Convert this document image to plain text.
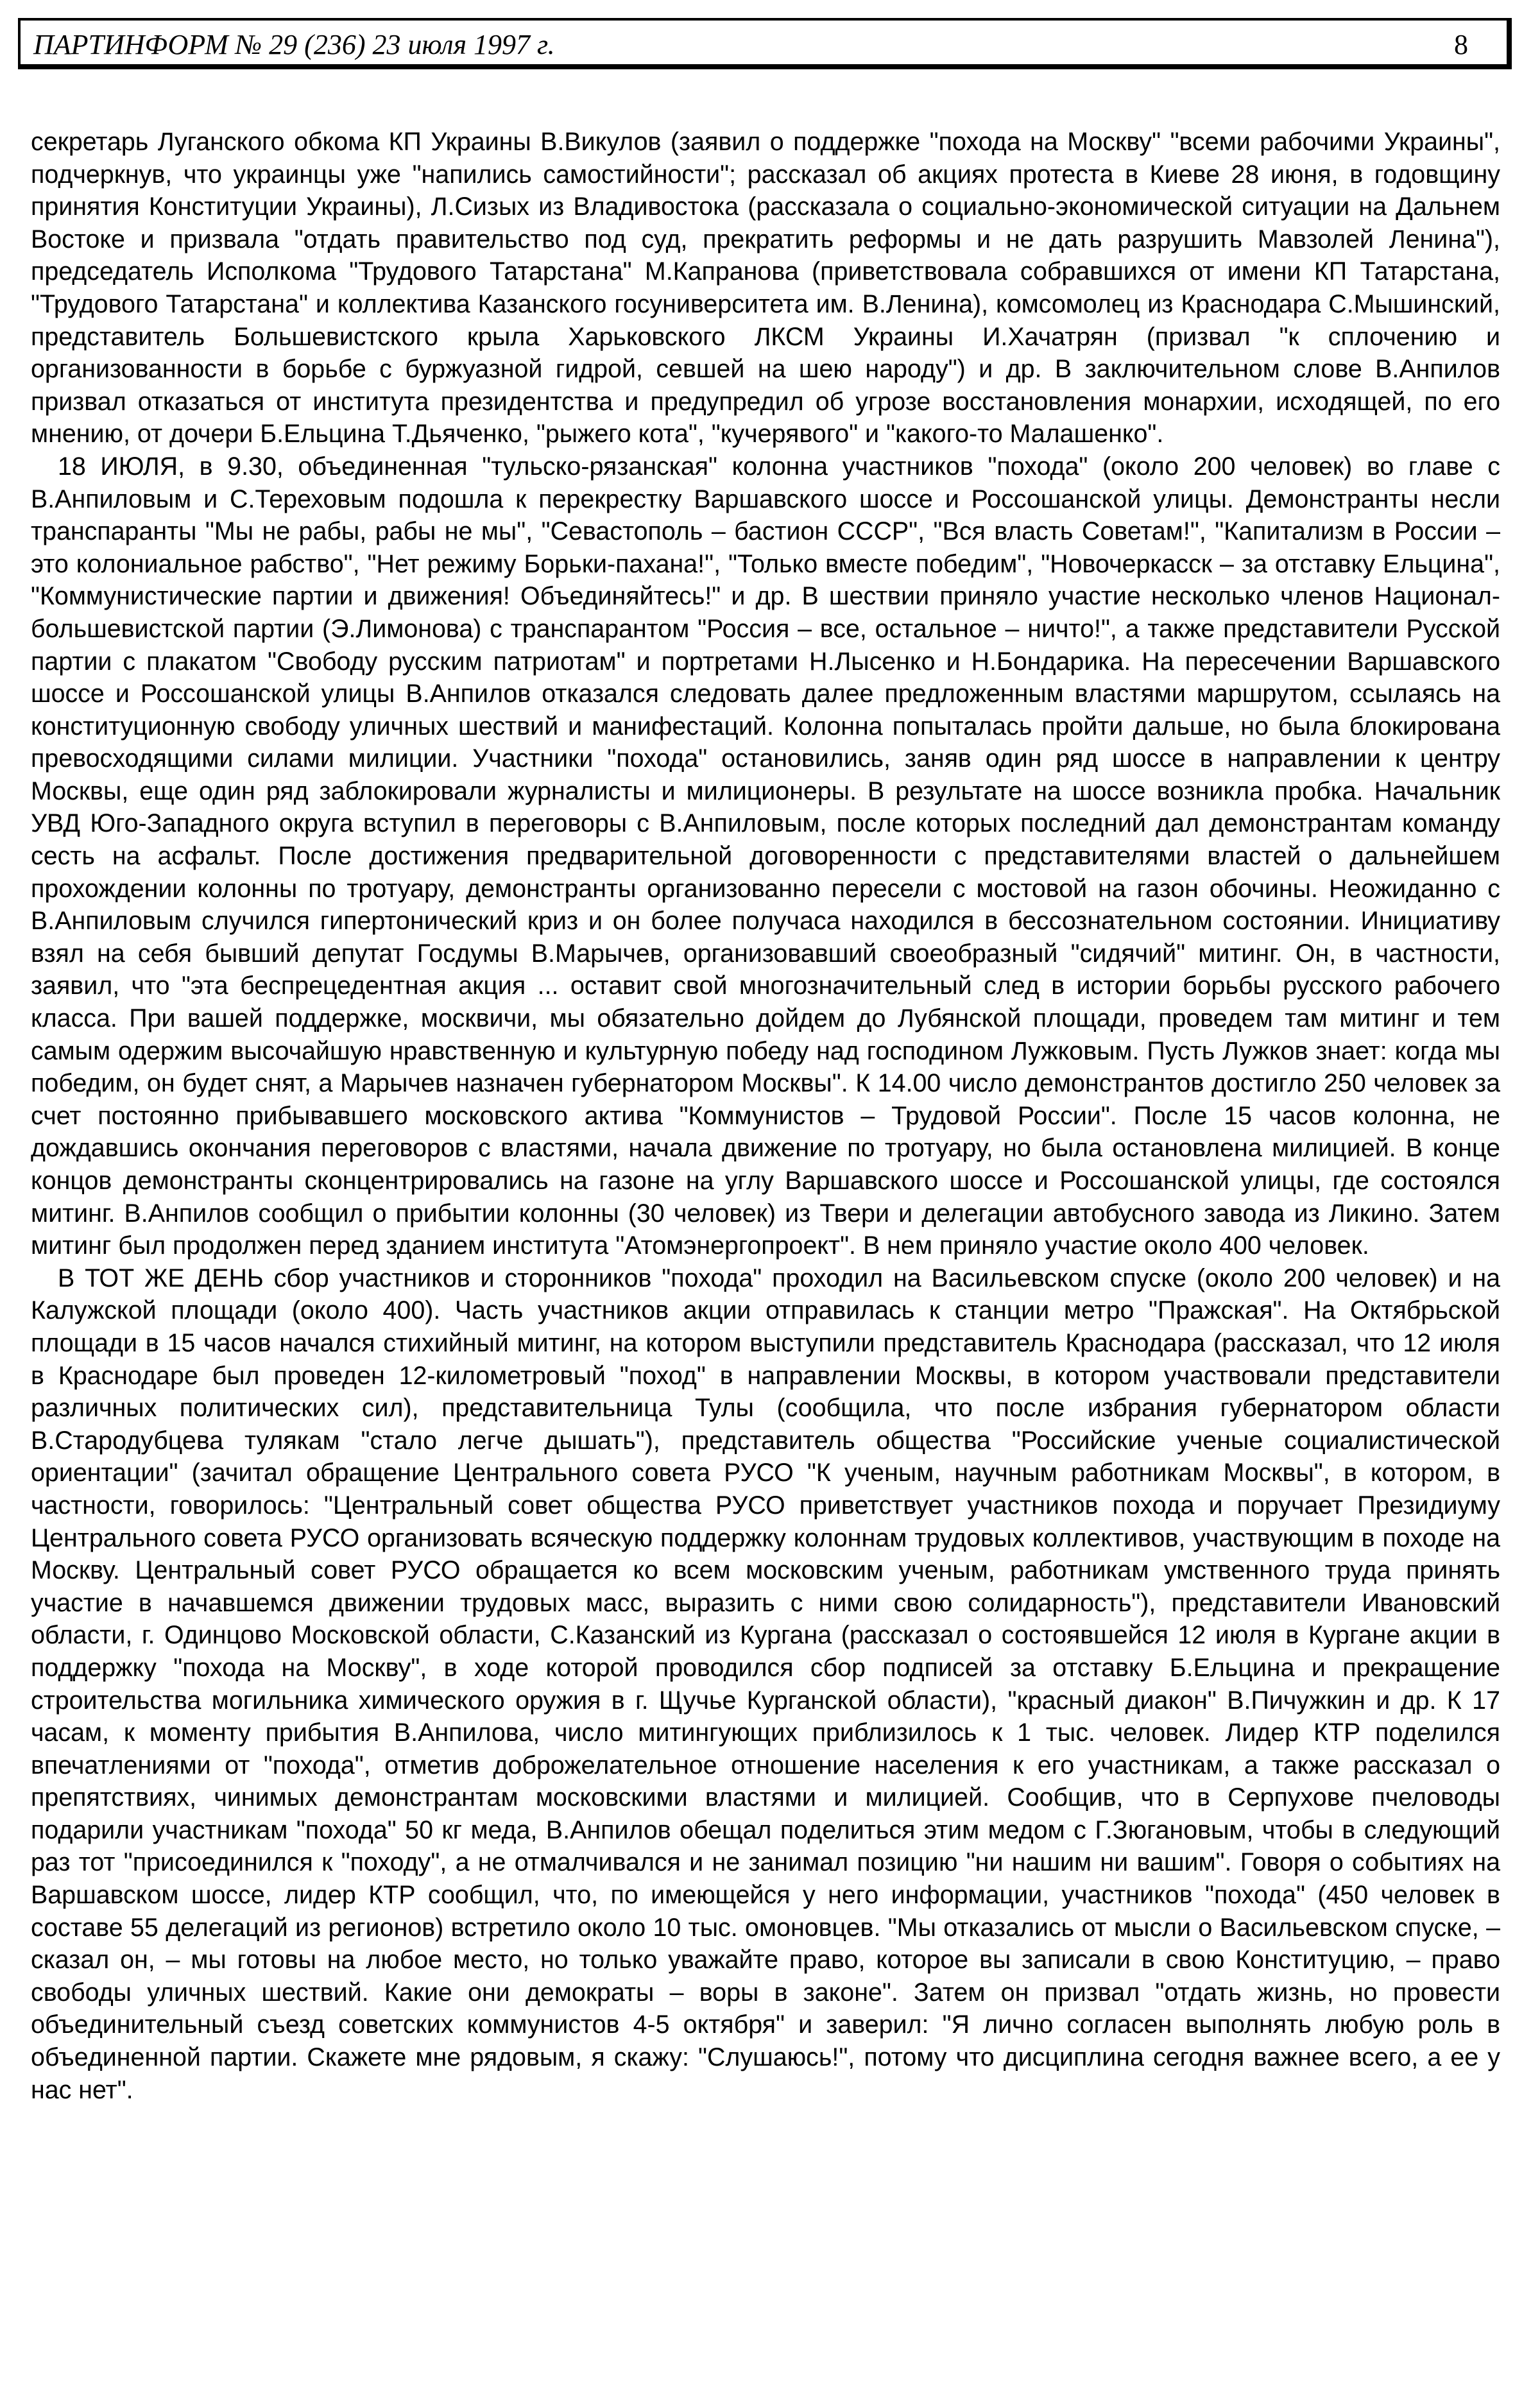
ПАРТИНФОРМ № 29 (236) 23 июля 1997 г.	8

секретарь Луганского обкома КП Украины В.Викулов (заявил о поддержке "похода на Москву" "всеми рабочими Украины", подчеркнув, что украинцы уже "напились самостийности"; рассказал об акциях протеста в Киеве 28 июня, в годовщину принятия Конституции Украины), Л.Сизых из Владивостока (рассказала о социально-экономической ситуации на Дальнем Востоке и призвала "отдать правительство под суд, прекратить реформы и не дать разрушить Мавзолей Ленина"), председатель Исполкома "Трудового Татарстана" М.Капранова (приветствовала собравшихся от имени КП Татарстана, "Трудового Татарстана" и коллектива Казанского госуниверситета им. В.Ленина), комсомолец из Краснодара С.Мышинский, представитель Большевистского крыла Харьковского ЛКСМ Украины И.Хачатрян (призвал "к сплочению и организованности в борьбе с буржуазной гидрой, севшей на шею народу") и др. В заключительном слове В.Анпилов призвал отказаться от института президентства и предупредил об угрозе восстановления монархии, исходящей, по его мнению, от дочери Б.Ельцина Т.Дьяченко, "рыжего кота", "кучерявого" и "какого-то Малашенко".

18 ИЮЛЯ, в 9.30, объединенная "тульско-рязанская" колонна участников "похода" (около 200 человек) во главе с В.Анпиловым и С.Тереховым подошла к перекрестку Варшавского шоссе и Россошанской улицы. Демонстранты несли транспаранты "Мы не рабы, рабы не мы", "Севастополь – бастион СССР", "Вся власть Советам!", "Капитализм в России – это колониальное рабство", "Нет режиму Борьки-пахана!", "Только вместе победим", "Новочеркасск – за отставку Ельцина", "Коммунистические партии и движения! Объединяйтесь!" и др. В шествии приняло участие несколько членов Национал-большевистской партии (Э.Лимонова) с транспарантом "Россия – все, остальное – ничто!", а также представители Русской партии с плакатом "Свободу русским патриотам" и портретами Н.Лысенко и Н.Бондарика. На пересечении Варшавского шоссе и Россошанской улицы В.Анпилов отказался следовать далее предложенным властями маршрутом, ссылаясь на конституционную свободу уличных шествий и манифестаций. Колонна попыталась пройти дальше, но была блокирована превосходящими силами милиции. Участники "похода" остановились, заняв один ряд шоссе в направлении к центру Москвы, еще один ряд заблокировали журналисты и милиционеры. В результате на шоссе возникла пробка. Начальник УВД Юго-Западного округа вступил в переговоры с В.Анпиловым, после которых последний дал демонстрантам команду сесть на асфальт. После достижения предварительной договоренности с представителями властей о дальнейшем прохождении колонны по тротуару, демонстранты организованно пересели с мостовой на газон обочины. Неожиданно с В.Анпиловым случился гипертонический криз и он более получаса находился в бессознательном состоянии. Инициативу взял на себя бывший депутат Госдумы В.Марычев, организовавший своеобразный "сидячий" митинг. Он, в частности, заявил, что "эта беспрецедентная акция ... оставит свой многозначительный след в истории борьбы русского рабочего класса. При вашей поддержке, москвичи, мы обязательно дойдем до Лубянской площади, проведем там митинг и тем самым одержим высочайшую нравственную и культурную победу над господином Лужковым. Пусть Лужков знает: когда мы победим, он будет снят, а Марычев назначен губернатором Москвы". К 14.00 число демонстрантов достигло 250 человек за счет постоянно прибывавшего московского актива "Коммунистов – Трудовой России". После 15 часов колонна, не дождавшись окончания переговоров с властями, начала движение по тротуару, но была остановлена милицией. В конце концов демонстранты сконцентрировались на газоне на углу Варшавского шоссе и Россошанской улицы, где состоялся митинг. В.Анпилов сообщил о прибытии колонны (30 человек) из Твери и делегации автобусного завода из Ликино. Затем митинг был продолжен перед зданием института "Атомэнергопроект". В нем приняло участие около 400 человек.

В ТОТ ЖЕ ДЕНЬ сбор участников и сторонников "похода" проходил на Васильевском спуске (около 200 человек) и на Калужской площади (около 400). Часть участников акции отправилась к станции метро "Пражская". На Октябрьской площади в 15 часов начался стихийный митинг, на котором выступили представитель Краснодара (рассказал, что 12 июля в Краснодаре был проведен 12-километровый "поход" в направлении Москвы, в котором участвовали представители различных политических сил), представительница Тулы (сообщила, что после избрания губернатором области В.Стародубцева тулякам "стало легче дышать"), представитель общества "Российские ученые социалистической ориентации" (зачитал обращение Центрального совета РУСО "К ученым, научным работникам Москвы", в котором, в частности, говорилось: "Центральный совет общества РУСО приветствует участников похода и поручает Президиуму Центрального совета РУСО организовать всяческую поддержку колоннам трудовых коллективов, участвующим в походе на Москву. Центральный совет РУСО обращается ко всем московским ученым, работникам умственного труда принять участие в начавшемся движении трудовых масс, выразить с ними свою солидарность"), представители Ивановский области, г. Одинцово Московской области, С.Казанский из Кургана (рассказал о состоявшейся 12 июля в Кургане акции в поддержку "похода на Москву", в ходе которой проводился сбор подписей за отставку Б.Ельцина и прекращение строительства могильника химического оружия в г. Щучье Курганской области), "красный диакон" В.Пичужкин и др. К 17 часам, к моменту прибытия В.Анпилова, число митингующих приблизилось к 1 тыс. человек. Лидер КТР поделился впечатлениями от "похода", отметив доброжелательное отношение населения к его участникам, а также рассказал о препятствиях, чинимых демонстрантам московскими властями и милицией. Сообщив, что в Серпухове пчеловоды подарили участникам "похода" 50 кг меда, В.Анпилов обещал поделиться этим медом с Г.Зюгановым, чтобы в следующий раз тот "присоединился к "походу", а не отмалчивался и не занимал позицию "ни нашим ни вашим". Говоря о событиях на Варшавском шоссе, лидер КТР сообщил, что, по имеющейся у него информации, участников "похода" (450 человек в составе 55 делегаций из регионов) встретило около 10 тыс. омоновцев. "Мы отказались от мысли о Васильевском спуске, – сказал он, – мы готовы на любое место, но только уважайте право, которое вы записали в свою Конституцию, – право свободы уличных шествий. Какие они демократы – воры в законе". Затем он призвал "отдать жизнь, но провести объединительный съезд советских коммунистов 4-5 октября" и заверил: "Я лично согласен выполнять любую роль в объединенной партии. Скажете мне рядовым, я скажу: "Слушаюсь!", потому что дисциплина сегодня важнее всего, а ее у нас нет".
